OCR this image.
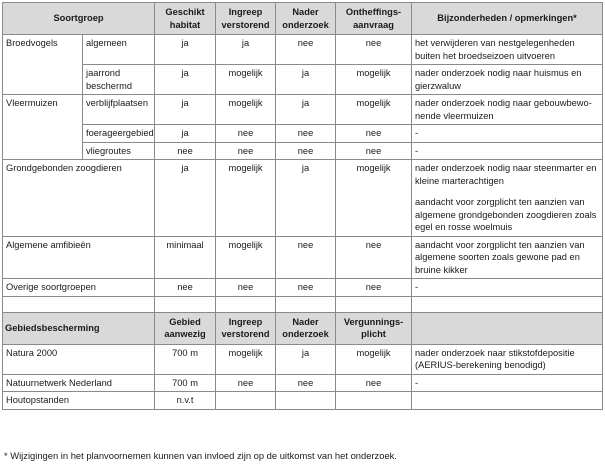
Soortgroep		Geschikt habitat	Ingreep verstorend	Nader onderzoek	Ontheffings-aanvraag	Bijzonderheden / opmerkingen*
Broedvogels	algemeen	ja	ja	nee	nee	het verwijderen van nestgelegenheden buiten het broedseizoen uitvoeren
	jaarrond beschermd	ja	mogelijk	ja	mogelijk	nader onderzoek nodig naar huismus en gierzwaluw
Vleermuizen	verblijfplaatsen	ja	mogelijk	ja	mogelijk	nader onderzoek nodig naar gebouwbewo-nende vleermuizen
	foerageergebied	ja	nee	nee	nee	-
	vliegroutes	nee	nee	nee	nee	-
Grondgebonden zoogdieren		ja	mogelijk	ja	mogelijk	nader onderzoek nodig naar steenmarter en kleine marterachtigen
aandacht voor zorgplicht ten aanzien van algemene grondgebonden zoogdieren zoals egel en rosse woelmuis

Algemene amfibieën		minimaal	mogelijk	nee	nee	aandacht voor zorgplicht ten aanzien van algemene soorten zoals gewone pad en bruine kikker
Overige soortgroepen		nee	nee	nee	nee	-

Gebiedsbescherming		Gebied aanwezig	Ingreep verstorend	Nader onderzoek	Vergunnings-plicht	
Natura 2000		700 m	mogelijk	ja	mogelijk	nader onderzoek naar stikstofdepositie (AERIUS-berekening benodigd)
Natuurnetwerk Nederland		700 m	nee	nee	nee	-
Houtopstanden		n.v.t				
* Wijzigingen in het planvoornemen kunnen van invloed zijn op de uitkomst van het onderzoek.
